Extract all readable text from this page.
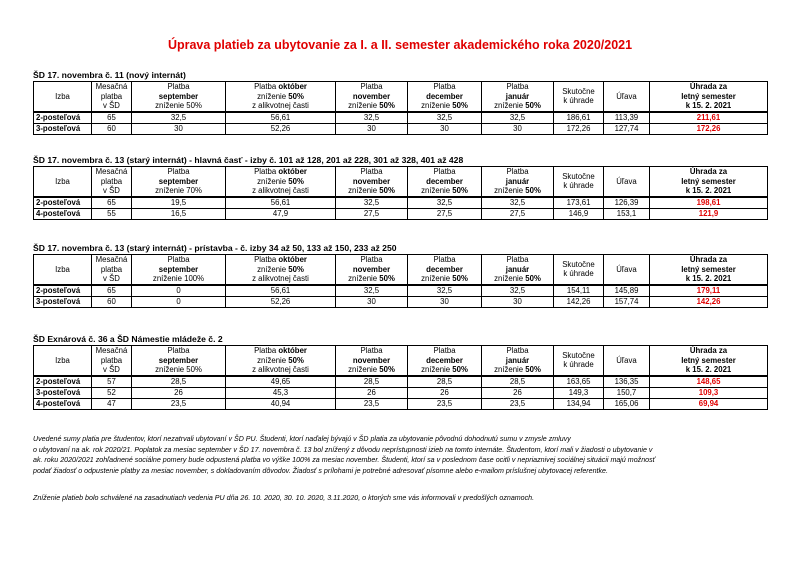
Úprava platieb za ubytovanie za I. a II. semester akademického roka 2020/2021
ŠD 17. novembra č. 11 (nový internát)
Izba	Mesačná
platba
v ŠD	Platba
september
zníženie 50%	Platba október
zníženie 50%
z alikvotnej časti	Platba
november
zníženie 50%	Platba
december
zníženie 50%	Platba
január
zníženie 50%	Skutočne
k úhrade	Úľava	Úhrada za
letný semester
k 15. 2. 2021
2-posteľová	65	32,5	56,61	32,5	32,5	32,5	186,61	113,39	211,61
3-posteľová	60	30	52,26	30	30	30	172,26	127,74	172,26
ŠD 17. novembra č. 13 (starý internát) - hlavná časť - izby č. 101 až 128, 201 až 228, 301 až 328, 401 až 428
Izba	Mesačná
platba
v ŠD	Platba
september
zníženie 70%	Platba október
zníženie 50%
z alikvotnej časti	Platba
november
zníženie 50%	Platba
december
zníženie 50%	Platba
január
zníženie 50%	Skutočne
k úhrade	Úľava	Úhrada za
letný semester
k 15. 2. 2021
2-posteľová	65	19,5	56,61	32,5	32,5	32,5	173,61	126,39	198,61
4-posteľová	55	16,5	47,9	27,5	27,5	27,5	146,9	153,1	121,9
ŠD 17. novembra č. 13 (starý internát) - prístavba - č. izby 34 až 50, 133 až 150, 233 až 250
Izba	Mesačná
platba
v ŠD	Platba
september
zníženie 100%	Platba október
zníženie 50%
z alikvotnej časti	Platba
november
zníženie 50%	Platba
december
zníženie 50%	Platba
január
zníženie 50%	Skutočne
k úhrade	Úľava	Úhrada za
letný semester
k 15. 2. 2021
2-posteľová	65	0	56,61	32,5	32,5	32,5	154,11	145,89	179,11
3-posteľová	60	0	52,26	30	30	30	142,26	157,74	142,26
ŠD Exnárová č. 36 a ŠD Námestie mládeže č. 2
Izba	Mesačná
platba
v ŠD	Platba
september
zníženie 50%	Platba október
zníženie 50%
z alikvotnej časti	Platba
november
zníženie 50%	Platba
december
zníženie 50%	Platba
január
zníženie 50%	Skutočne
k úhrade	Úľava	Úhrada za
letný semester
k 15. 2. 2021
2-posteľová	57	28,5	49,65	28,5	28,5	28,5	163,65	136,35	148,65
3-posteľová	52	26	45,3	26	26	26	149,3	150,7	109,3
4-posteľová	47	23,5	40,94	23,5	23,5	23,5	134,94	165,06	69,94
Uvedené sumy platia pre študentov, ktorí nezatrvali ubytovaní v ŠD PU. Študenti, ktorí naďalej bývajú v ŠD platia za ubytovanie pôvodnú dohodnutú sumu v zmysle zmluvy
o ubytovaní na ak. rok 2020/21. Poplatok za mesiac september v ŠD 17. novembra č. 13 bol znížený z dôvodu neprístupnosti izieb na tomto internáte. Študentom, ktorí mali v žiadosti o ubytovanie v
ak. roku 2020/2021 zohľadnené sociálne pomery bude odpustená platba vo výške 100% za mesiac november. Študenti, ktorí sa v poslednom čase ocitli v nepriaznivej sociálnej situácii majú možnosť
podať žiadosť o odpustenie platby za mesiac november, s dokladovaním dôvodov. Žiadosť s prílohami je potrebné adresovať písomne alebo e-mailom príslušnej ubytovacej referentke.
Zníženie platieb bolo schválené na zasadnutiach vedenia PU dňa 26. 10. 2020, 30. 10. 2020, 3.11.2020, o ktorých sme vás informovali v predošlých oznamoch.
